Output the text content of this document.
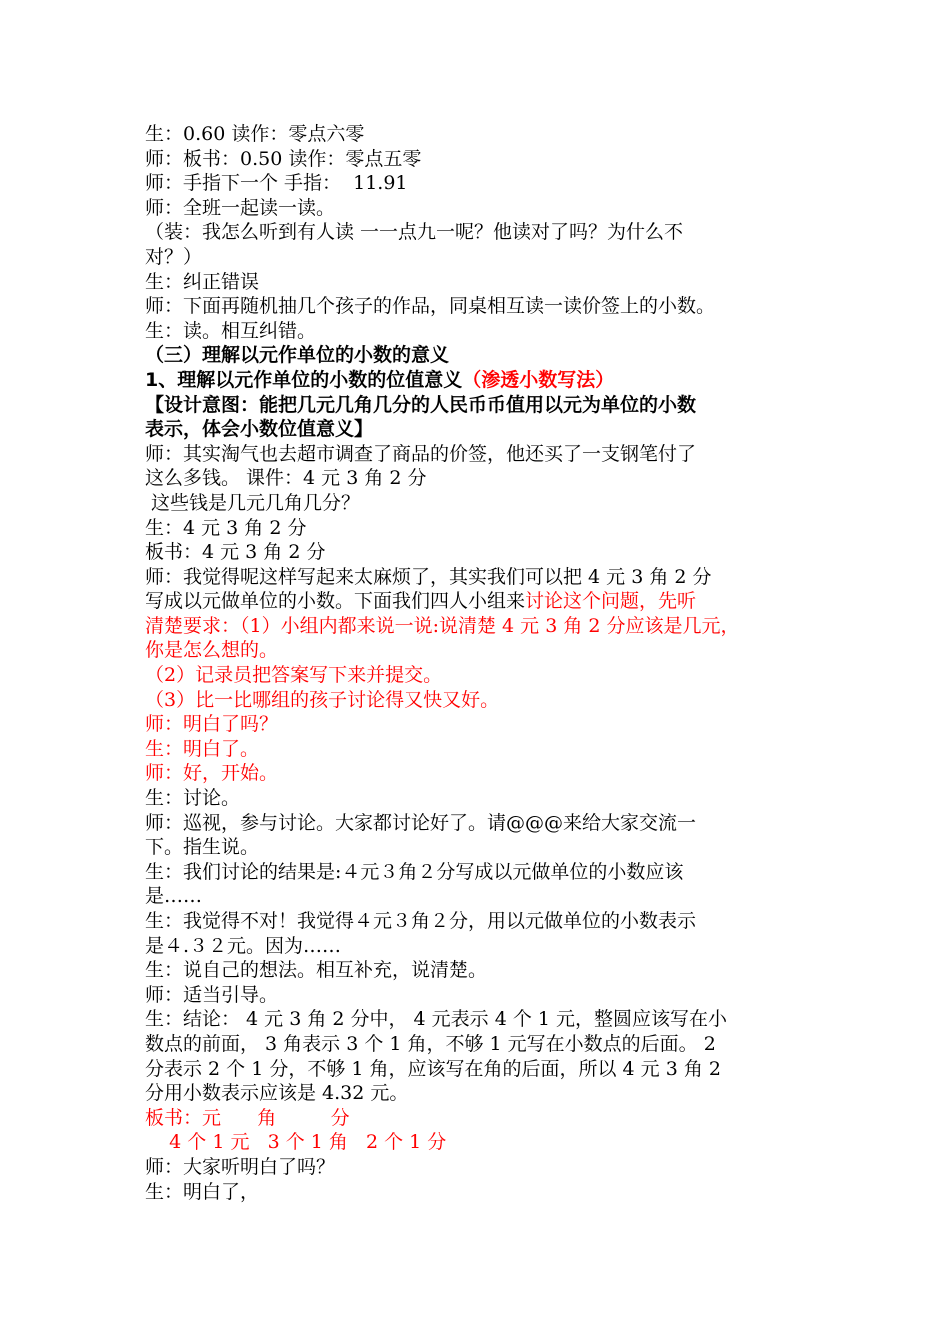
生：0.60 读作：零点六零
师：板书：0.50 读作：零点五零
师：手指下一个 手指：  11.91
师：全班一起读一读。
（装：我怎么听到有人读 一一点九一呢？他读对了吗？为什么不
对？）
生：纠正错误
师：下面再随机抽几个孩子的作品，同桌相互读一读价签上的小数。
生：读。相互纠错。
（三）理解以元作单位的小数的意义
1、理解以元作单位的小数的位值意义（渗透小数写法）
【设计意图：能把几元几角几分的人民币币值用以元为单位的小数
表示，体会小数位值意义】
师：其实淘气也去超市调查了商品的价签，他还买了一支钢笔付了
这么多钱。 课件：4 元 3 角 2 分
这些钱是几元几角几分？
生：4 元 3 角 2 分
板书：4 元 3 角 2 分
师：我觉得呢这样写起来太麻烦了，其实我们可以把 4 元 3 角 2 分
写成以元做单位的小数。下面我们四人小组来讨论这个问题，先听
清楚要求：（1）小组内都来说一说:说清楚 4 元 3 角 2 分应该是几元，
你是怎么想的。
（2）记录员把答案写下来并提交。
（3）比一比哪组的孩子讨论得又快又好。
师：明白了吗？
生：明白了。
师：好，开始。
生：讨论。
师：巡视，参与讨论。大家都讨论好了。请@@@来给大家交流一
下。指生说。
生：我们讨论的结果是:４元３角２分写成以元做单位的小数应该
是……
生：我觉得不对！我觉得４元３角２分，用以元做单位的小数表示
是４.３２元。因为……
生：说自己的想法。相互补充，说清楚。
师：适当引导。
生：结论： 4 元 3 角 2 分中， 4 元表示 4 个 1 元，整圆应该写在小
数点的前面， 3 角表示 3 个 1 角，不够 1 元写在小数点的后面。 2
分表示 2 个 1 分，不够 1 角，应该写在角的后面，所以 4 元 3 角 2
分用小数表示应该是 4.32 元。
板书：元      角         分
4 个 1 元   3 个 1 角   2 个 1 分
师：大家听明白了吗？
生：明白了，
